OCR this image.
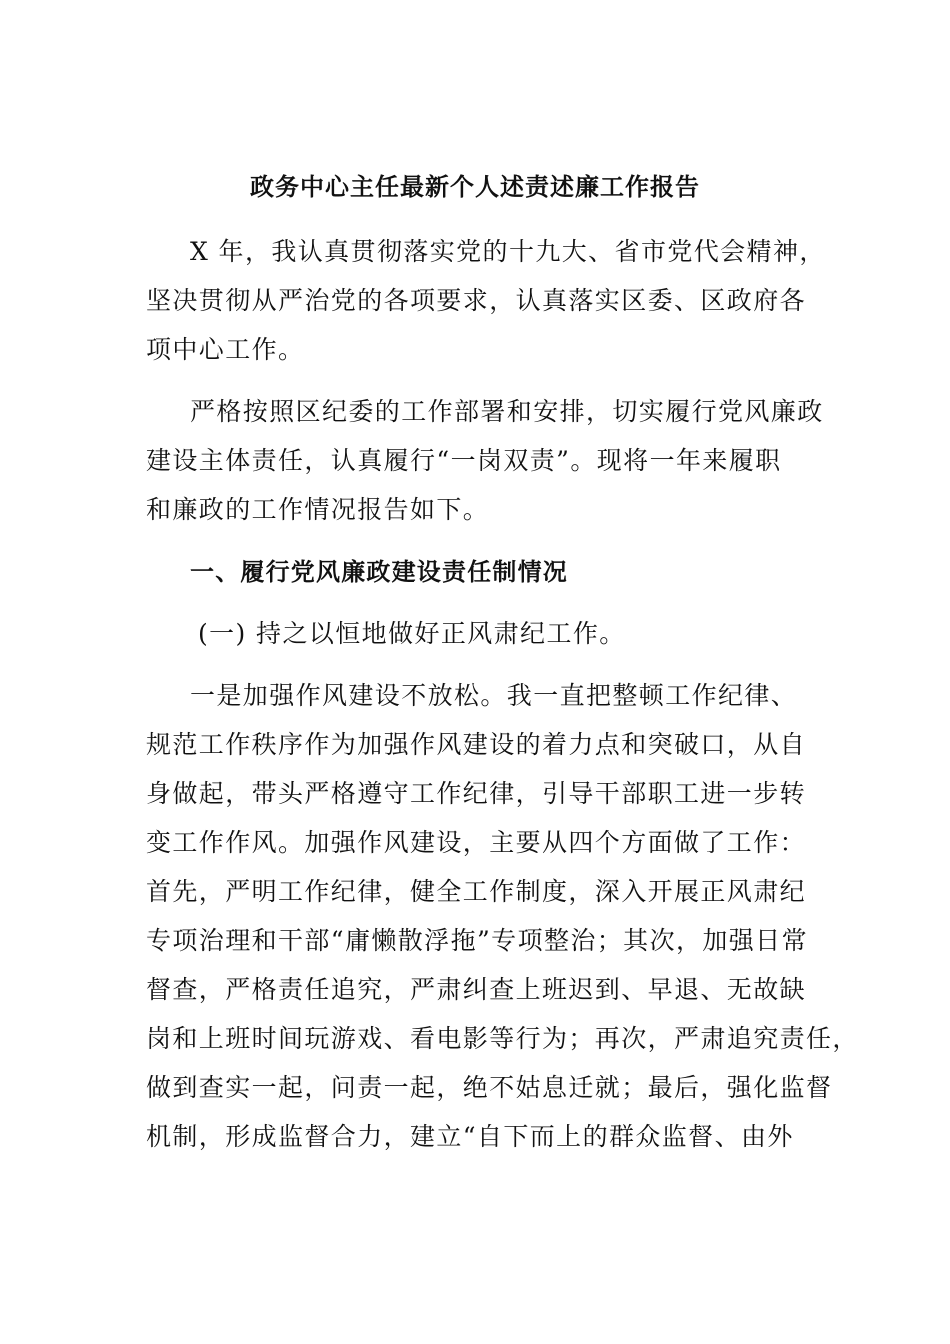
政务中心主任最新个人述责述廉工作报告
X 年，我认真贯彻落实党的十九大、省市党代会精神，
坚决贯彻从严治党的各项要求，认真落实区委、区政府各
项中心工作。
严格按照区纪委的工作部署和安排，切实履行党风廉政
建设主体责任，认真履行“一岗双责”。现将一年来履职
和廉政的工作情况报告如下。
一、履行党风廉政建设责任制情况
(一) 持之以恒地做好正风肃纪工作。
一是加强作风建设不放松。我一直把整顿工作纪律、
规范工作秩序作为加强作风建设的着力点和突破口，从自
身做起，带头严格遵守工作纪律，引导干部职工进一步转
变工作作风。加强作风建设，主要从四个方面做了工作：
首先，严明工作纪律，健全工作制度，深入开展正风肃纪
专项治理和干部“庸懒散浮拖”专项整治；其次，加强日常
督查，严格责任追究，严肃纠查上班迟到、早退、无故缺
岗和上班时间玩游戏、看电影等行为；再次，严肃追究责任，
做到查实一起，问责一起，绝不姑息迁就；最后，强化监督
机制，形成监督合力，建立“自下而上的群众监督、由外
